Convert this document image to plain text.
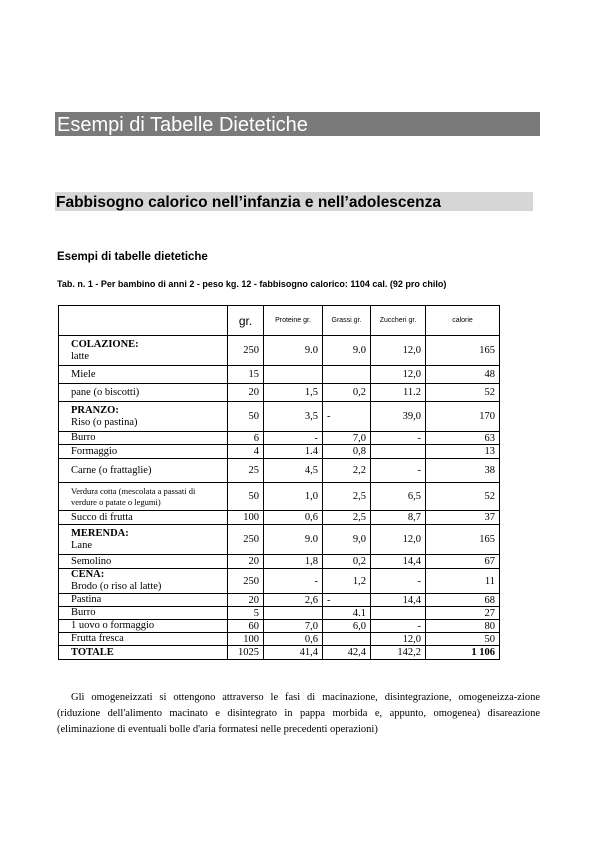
Esempi di Tabelle Dietetiche
Fabbisogno calorico nell’infanzia e nell’adolescenza
Esempi di tabelle dietetiche
Tab. n. 1 - Per bambino di anni 2 - peso kg. 12 - fabbisogno calorico: 1104 cal. (92 pro chilo)
	gr.	Proteine gr.	Grassi gr.	Zuccheri gr.	calorie

COLAZIONE:
latte	250	9.0	9.0	12,0	165

Miele	15			12,0	48

pane (o biscotti)	20	1,5	0,2	11.2	52

PRANZO:
Riso (o pastina)	50	3,5	-	39,0	170

Burro	6	-	7,0	-	63

Formaggio	4	1.4	0,8		13

Carne (o frattaglie)	25	4,5	2,2	-	38

Verdura cotta (mescolata a passati di verdure o patate o legumi)	50	1,0	2,5	6,5	52

Succo di frutta	100	0,6	2,5	8,7	37

MERENDA:
Lane	250	9.0	9,0	12,0	165

Semolino	20	1,8	0,2	14,4	67

CENA:
Brodo (o riso al latte)	250	-	1,2	-	11

Pastina	20	2,6	-	14,4	68

Burro	5		4.1		27

1 uovo o formaggio	60	7,0	6,0	-	80

Frutta fresca	100	0,6		12,0	50
TOTALE	1025	41,4	42,4	142,2	1 106
Gli omogeneizzati si ottengono attraverso le fasi di macinazione, disintegrazione, omogeneizza-zione (riduzione dell'alimento macinato e disintegrato in pappa morbida e, appunto, omogenea) disareazione (eliminazione di eventuali bolle d'aria formatesi nelle precedenti operazioni)
